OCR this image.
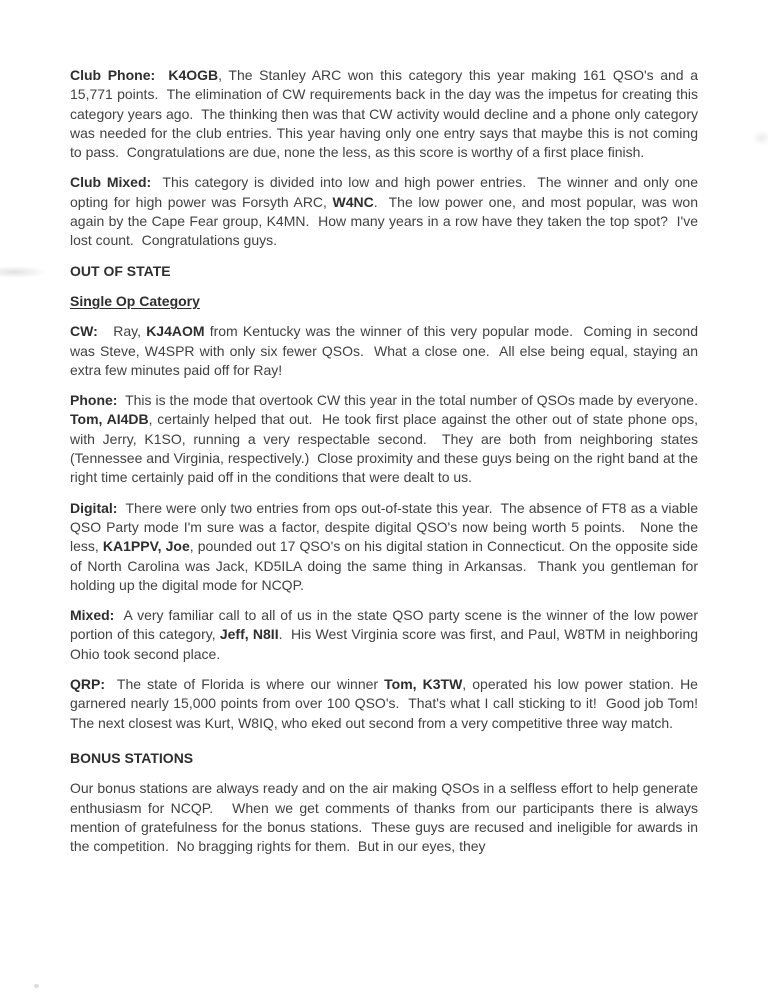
Club Phone:  K4OGB, The Stanley ARC won this category this year making 161 QSO's and a 15,771 points.  The elimination of CW requirements back in the day was the impetus for creating this category years ago.  The thinking then was that CW activity would decline and a phone only category was needed for the club entries. This year having only one entry says that maybe this is not coming to pass.  Congratulations are due, none the less, as this score is worthy of a first place finish.

Club Mixed:  This category is divided into low and high power entries.  The winner and only one opting for high power was Forsyth ARC, W4NC.  The low power one, and most popular, was won again by the Cape Fear group, K4MN.  How many years in a row have they taken the top spot?  I've lost count.  Congratulations guys.

OUT OF STATE

Single Op Category

CW:   Ray, KJ4AOM from Kentucky was the winner of this very popular mode.  Coming in second was Steve, W4SPR with only six fewer QSOs.  What a close one.  All else being equal, staying an extra few minutes paid off for Ray!

Phone:  This is the mode that overtook CW this year in the total number of QSOs made by everyone.  Tom, AI4DB, certainly helped that out.  He took first place against the other out of state phone ops, with Jerry, K1SO, running a very respectable second.  They are both from neighboring states (Tennessee and Virginia, respectively.)  Close proximity and these guys being on the right band at the right time certainly paid off in the conditions that were dealt to us.

Digital:  There were only two entries from ops out-of-state this year.  The absence of FT8 as a viable QSO Party mode I'm sure was a factor, despite digital QSO's now being worth 5 points.   None the less, KA1PPV, Joe, pounded out 17 QSO's on his digital station in Connecticut. On the opposite side of North Carolina was Jack, KD5ILA doing the same thing in Arkansas.  Thank you gentleman for holding up the digital mode for NCQP.

Mixed:  A very familiar call to all of us in the state QSO party scene is the winner of the low power portion of this category, Jeff, N8II.  His West Virginia score was first, and Paul, W8TM in neighboring Ohio took second place.

QRP:  The state of Florida is where our winner Tom, K3TW, operated his low power station. He garnered nearly 15,000 points from over 100 QSO's.  That's what I call sticking to it!  Good job Tom!  The next closest was Kurt, W8IQ, who eked out second from a very competitive three way match.

BONUS STATIONS

Our bonus stations are always ready and on the air making QSOs in a selfless effort to help generate enthusiasm for NCQP.   When we get comments of thanks from our participants there is always mention of gratefulness for the bonus stations.  These guys are recused and ineligible for awards in the competition.  No bragging rights for them.  But in our eyes, they
